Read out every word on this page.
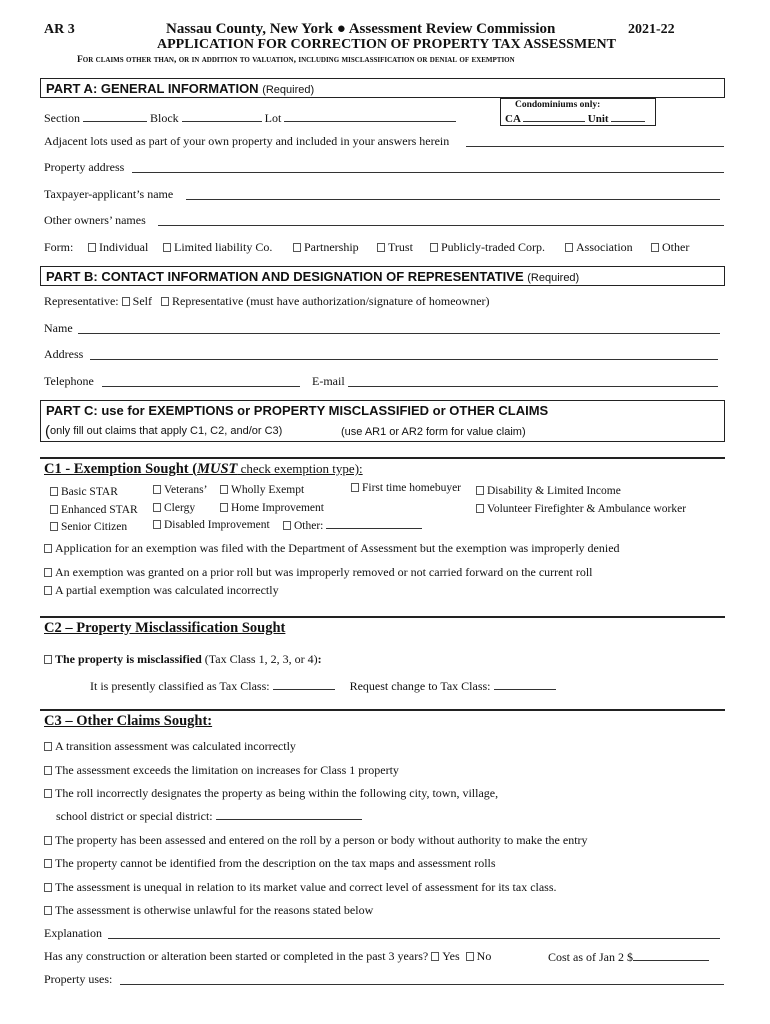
AR 3	Nassau County, New York ● Assessment Review Commission	2021-22
APPLICATION FOR CORRECTION OF PROPERTY TAX ASSESSMENT
For claims other than, or in addition to valuation, including misclassification or denial of exemption
PART A: GENERAL INFORMATION (Required)
Section	Block	Lot
Condominiums only:
CA	Unit
Adjacent lots used as part of your own property and included in your answers herein
Property address
Taxpayer-applicant’s name
Other owners’ names
Form:	Individual	Limited liability Co.	Partnership	Trust	Publicly-traded Corp.	Association	Other
PART B: CONTACT INFORMATION AND DESIGNATION OF REPRESENTATIVE (Required)
Representative: Self Representative (must have authorization/signature of homeowner)
Name
Address
Telephone	E-mail
PART C: use for EXEMPTIONS or PROPERTY MISCLASSIFIED or OTHER CLAIMS
(only fill out claims that apply C1, C2, and/or C3)	(use AR1 or AR2 form for value claim)
C1 - Exemption Sought (MUST check exemption type):
Basic STAR
Enhanced STAR
Senior Citizen
Veterans’
Clergy
Disabled Improvement
Wholly Exempt
Home Improvement
Other:
First time homebuyer	Disability & Limited Income
Volunteer Firefighter & Ambulance worker
Application for an exemption was filed with the Department of Assessment but the exemption was improperly denied
An exemption was granted on a prior roll but was improperly removed or not carried forward on the current roll
A partial exemption was calculated incorrectly
C2 – Property Misclassification Sought
The property is misclassified (Tax Class 1, 2, 3, or 4):
It is presently classified as Tax Class:	Request change to Tax Class:
C3 – Other Claims Sought:
A transition assessment was calculated incorrectly
The assessment exceeds the limitation on increases for Class 1 property
The roll incorrectly designates the property as being within the following city, town, village,
school district or special district:
The property has been assessed and entered on the roll by a person or body without authority to make the entry
The property cannot be identified from the description on the tax maps and assessment rolls
The assessment is unequal in relation to its market value and correct level of assessment for its tax class.
The assessment is otherwise unlawful for the reasons stated below
Explanation
Has any construction or alteration been started or completed in the past 3 years? Yes No	Cost as of Jan 2 $
Property uses:
